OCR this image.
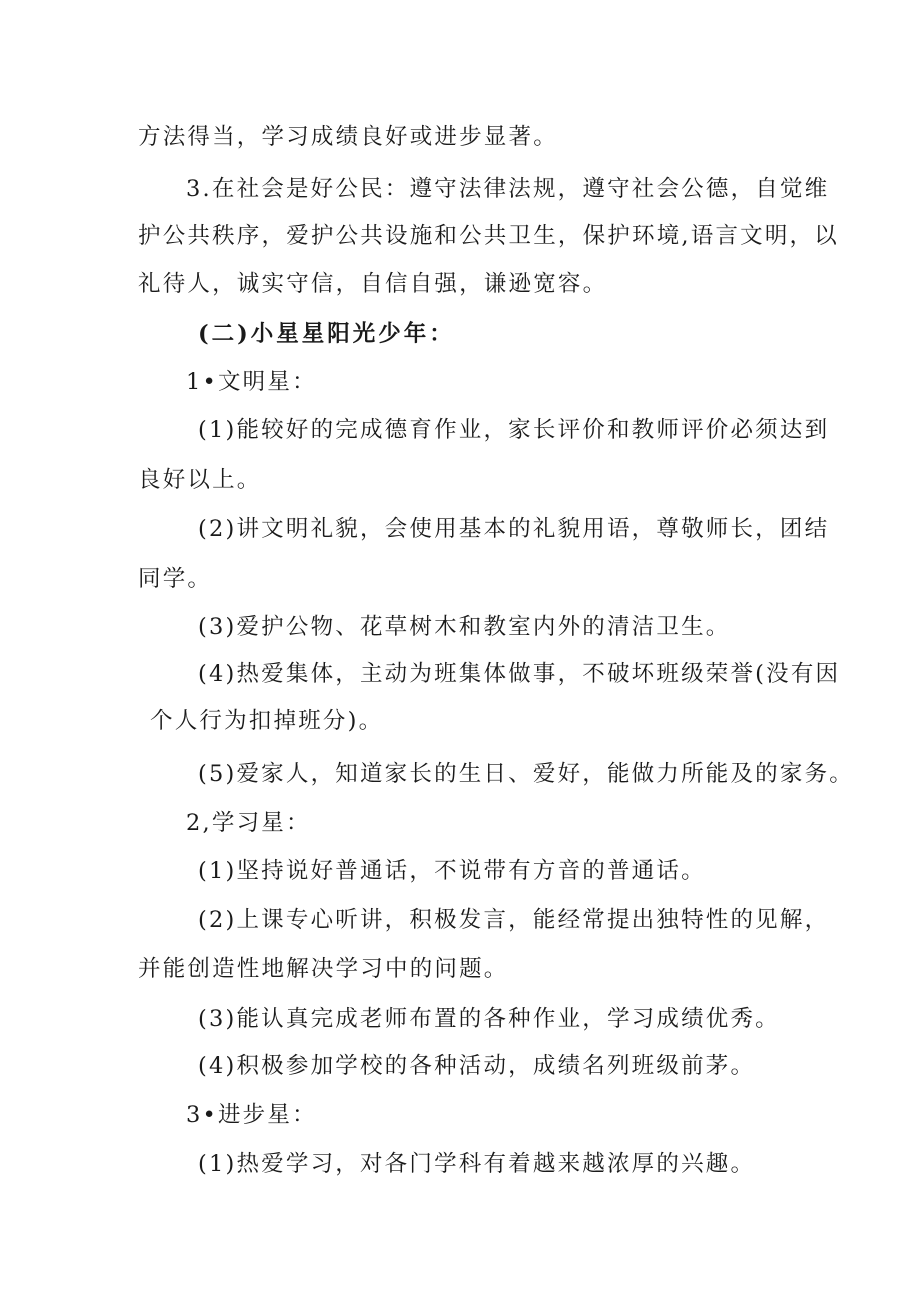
方法得当，学习成绩良好或进步显著。
3.在社会是好公民：遵守法律法规，遵守社会公德，自觉维
护公共秩序，爱护公共设施和公共卫生，保护环境,语言文明，以
礼待人，诚实守信，自信自强，谦逊宽容。
(二)小星星阳光少年：
1•文明星：
(1)能较好的完成德育作业，家长评价和教师评价必须达到
良好以上。
(2)讲文明礼貌，会使用基本的礼貌用语，尊敬师长，团结
同学。
(3)爱护公物、花草树木和教室内外的清洁卫生。
(4)热爱集体，主动为班集体做事，不破坏班级荣誉(没有因
个人行为扣掉班分)。
(5)爱家人，知道家长的生日、爱好，能做力所能及的家务。
2,学习星：
(1)坚持说好普通话，不说带有方音的普通话。
(2)上课专心听讲，积极发言，能经常提出独特性的见解，
并能创造性地解决学习中的问题。
(3)能认真完成老师布置的各种作业，学习成绩优秀。
(4)积极参加学校的各种活动，成绩名列班级前茅。
3•进步星：
(1)热爱学习，对各门学科有着越来越浓厚的兴趣。
